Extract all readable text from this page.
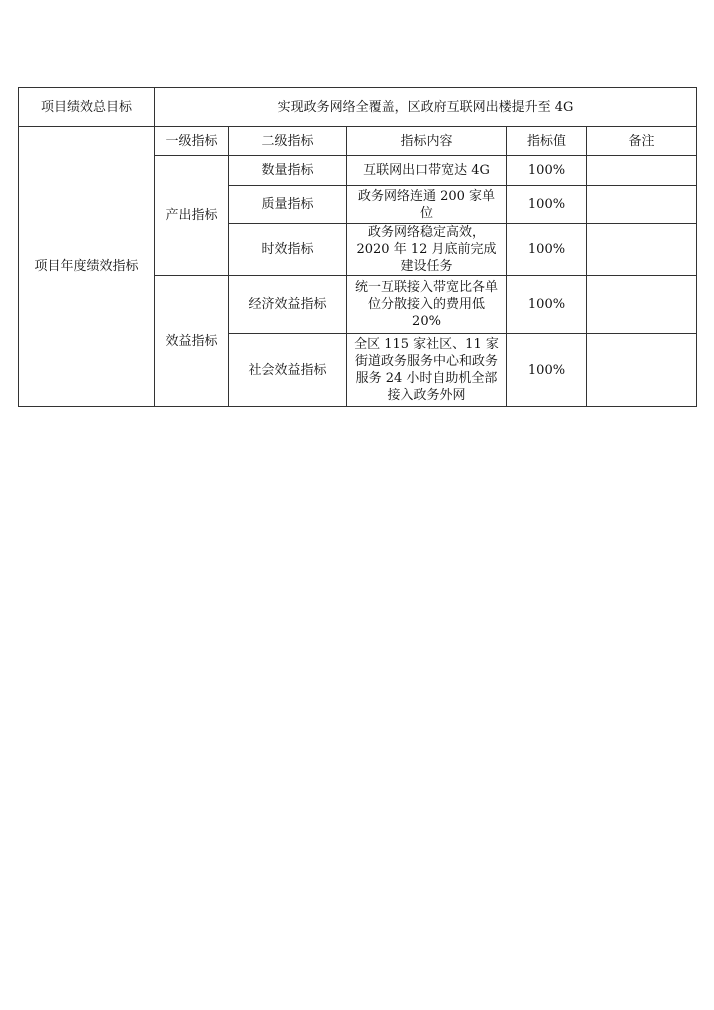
项目绩效总目标	实现政务网络全覆盖，区政府互联网出楼提升至 4G				
项目年度绩效指标	一级指标	二级指标	指标内容	指标值	备注
	产出指标	数量指标	互联网出口带宽达 4G	100%	
		质量指标	政务网络连通 200 家单位	100%	
		时效指标	政务网络稳定高效，2020 年 12 月底前完成建设任务	100%	
	效益指标	经济效益指标	统一互联接入带宽比各单位分散接入的费用低 20%	100%	
		社会效益指标	全区 115 家社区、11 家街道政务服务中心和政务服务 24 小时自助机全部接入政务外网	100%	
